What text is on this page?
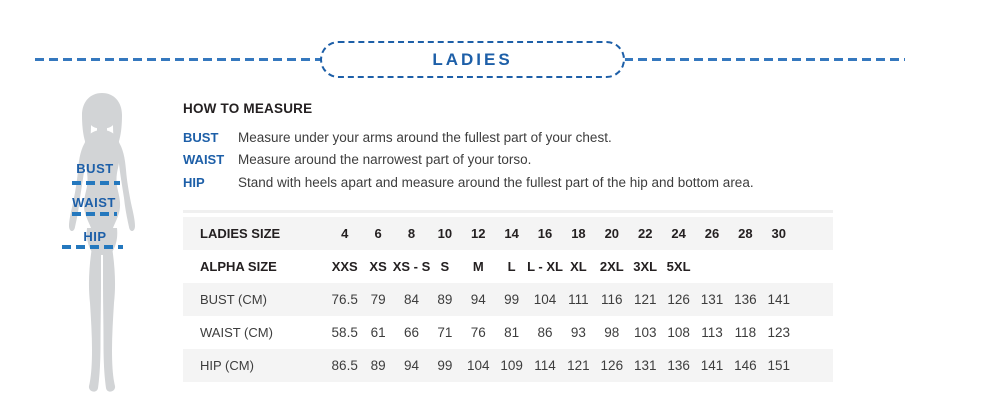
LADIES
BUST
WAIST
HIP
HOW TO MEASURE
BUST	Measure under your arms around the fullest part of your chest.
WAIST	Measure around the narrowest part of your torso.
HIP	Stand with heels apart and measure around the fullest part of the hip and bottom area.
LADIES SIZE	4 6 8 10 12 14 16 18 20 22 24 26 28 30
ALPHA SIZE	XXS XS XS - S S M L L - XL XL 2XL 3XL 5XL
BUST (CM)	76.5 79 84 89 94 99 104 111 116 121 126 131 136 141
WAIST (CM)	58.5 61 66 71 76 81 86 93 98 103 108 113 118 123
HIP (CM)	86.5 89 94 99 104 109 114 121 126 131 136 141 146 151
